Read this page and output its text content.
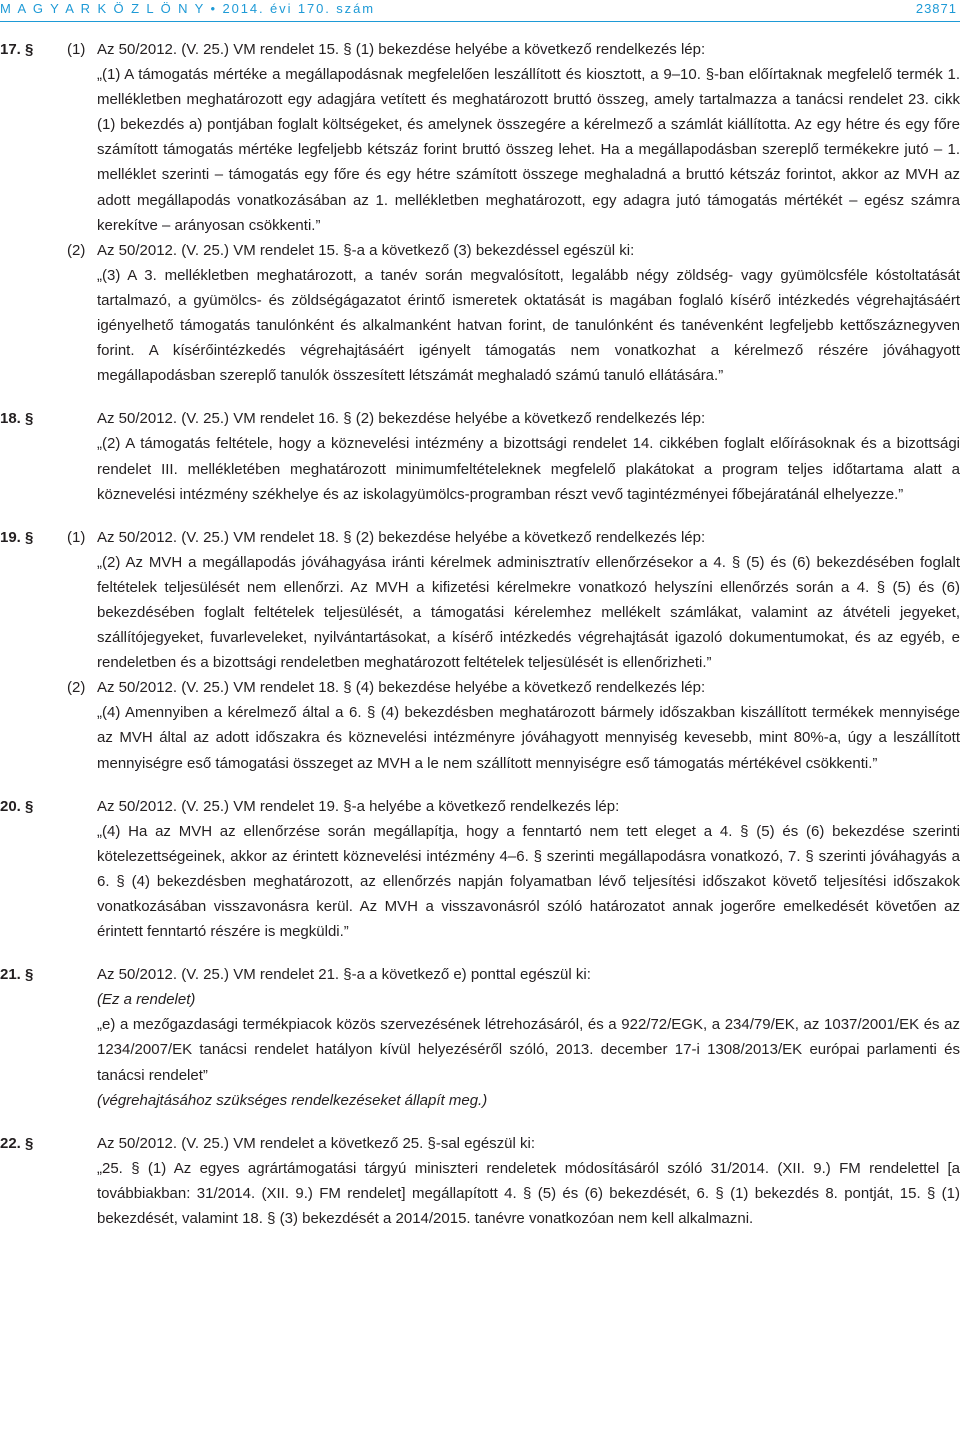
M A G Y A R K Ö Z L Ö N Y • 2014. évi 170. szám	23871
17. §	(1) Az 50/2012. (V. 25.) VM rendelet 15. § (1) bekezdése helyébe a következő rendelkezés lép:
„(1) A támogatás mértéke a megállapodásnak megfelelően leszállított és kiosztott, a 9–10. §-ban előírtaknak megfelelő termék 1. mellékletben meghatározott egy adagjára vetített és meghatározott bruttó összeg, amely tartalmazza a tanácsi rendelet 23. cikk (1) bekezdés a) pontjában foglalt költségeket, és amelynek összegére a kérelmező a számlát kiállította. Az egy hétre és egy főre számított támogatás mértéke legfeljebb kétszáz forint bruttó összeg lehet. Ha a megállapodásban szereplő termékekre jutó – 1. melléklet szerinti – támogatás egy főre és egy hétre számított összege meghaladná a bruttó kétszáz forintot, akkor az MVH az adott megállapodás vonatkozásában az 1. mellékletben meghatározott, egy adagra jutó támogatás mértékét – egész számra kerekítve – arányosan csökkenti.”
(2) Az 50/2012. (V. 25.) VM rendelet 15. §-a a következő (3) bekezdéssel egészül ki:
„(3) A 3. mellékletben meghatározott, a tanév során megvalósított, legalább négy zöldség- vagy gyümölcsféle kóstoltatását tartalmazó, a gyümölcs- és zöldségágazatot érintő ismeretek oktatását is magában foglaló kísérő intézkedés végrehajtásáért igényelhető támogatás tanulónként és alkalmanként hatvan forint, de tanulónként és tanévenként legfeljebb kettőszáznegyven forint. A kísérőintézkedés végrehajtásáért igényelt támogatás nem vonatkozhat a kérelmező részére jóváhagyott megállapodásban szereplő tanulók összesített létszámát meghaladó számú tanuló ellátására.”
18. §	Az 50/2012. (V. 25.) VM rendelet 16. § (2) bekezdése helyébe a következő rendelkezés lép:
„(2) A támogatás feltétele, hogy a köznevelési intézmény a bizottsági rendelet 14. cikkében foglalt előírásoknak és a bizottsági rendelet III. mellékletében meghatározott minimumfeltételeknek megfelelő plakátokat a program teljes időtartama alatt a köznevelési intézmény székhelye és az iskolagyümölcs-programban részt vevő tagintézményei főbejáratánál elhelyezze.”
19. §	(1) Az 50/2012. (V. 25.) VM rendelet 18. § (2) bekezdése helyébe a következő rendelkezés lép:
„(2) Az MVH a megállapodás jóváhagyása iránti kérelmek adminisztratív ellenőrzésekor a 4. § (5) és (6) bekezdésében foglalt feltételek teljesülését nem ellenőrzi. Az MVH a kifizetési kérelmekre vonatkozó helyszíni ellenőrzés során a 4. § (5) és (6) bekezdésében foglalt feltételek teljesülését, a támogatási kérelemhez mellékelt számlákat, valamint az átvételi jegyeket, szállítójegyeket, fuvarleveleket, nyilvántartásokat, a kísérő intézkedés végrehajtását igazoló dokumentumokat, és az egyéb, e rendeletben és a bizottsági rendeletben meghatározott feltételek teljesülését is ellenőrizheti.”
(2) Az 50/2012. (V. 25.) VM rendelet 18. § (4) bekezdése helyébe a következő rendelkezés lép:
„(4) Amennyiben a kérelmező által a 6. § (4) bekezdésben meghatározott bármely időszakban kiszállított termékek mennyisége az MVH által az adott időszakra és köznevelési intézményre jóváhagyott mennyiség kevesebb, mint 80%-a, úgy a leszállított mennyiségre eső támogatási összeget az MVH a le nem szállított mennyiségre eső támogatás mértékével csökkenti.”
20. §	Az 50/2012. (V. 25.) VM rendelet 19. §-a helyébe a következő rendelkezés lép:
„(4) Ha az MVH az ellenőrzése során megállapítja, hogy a fenntartó nem tett eleget a 4. § (5) és (6) bekezdése szerinti kötelezettségeinek, akkor az érintett köznevelési intézmény 4–6. § szerinti megállapodásra vonatkozó, 7. § szerinti jóváhagyás a 6. § (4) bekezdésben meghatározott, az ellenőrzés napján folyamatban lévő teljesítési időszakot követő teljesítési időszakok vonatkozásában visszavonásra kerül. Az MVH a visszavonásról szóló határozatot annak jogerőre emelkedését követően az érintett fenntartó részére is megküldi.”
21. §	Az 50/2012. (V. 25.) VM rendelet 21. §-a a következő e) ponttal egészül ki:
(Ez a rendelet)
„e) a mezőgazdasági termékpiacok közös szervezésének létrehozásáról, és a 922/72/EGK, a 234/79/EK, az 1037/2001/EK és az 1234/2007/EK tanácsi rendelet hatályon kívül helyezéséről szóló, 2013. december 17-i 1308/2013/EK európai parlamenti és tanácsi rendelet”
(végrehajtásához szükséges rendelkezéseket állapít meg.)
22. §	Az 50/2012. (V. 25.) VM rendelet a következő 25. §-sal egészül ki:
„25. § (1) Az egyes agrártámogatási tárgyú miniszteri rendeletek módosításáról szóló 31/2014. (XII. 9.) FM rendelettel [a továbbiakban: 31/2014. (XII. 9.) FM rendelet] megállapított 4. § (5) és (6) bekezdését, 6. § (1) bekezdés 8. pontját, 15. § (1) bekezdését, valamint 18. § (3) bekezdését a 2014/2015. tanévre vonatkozóan nem kell alkalmazni.
